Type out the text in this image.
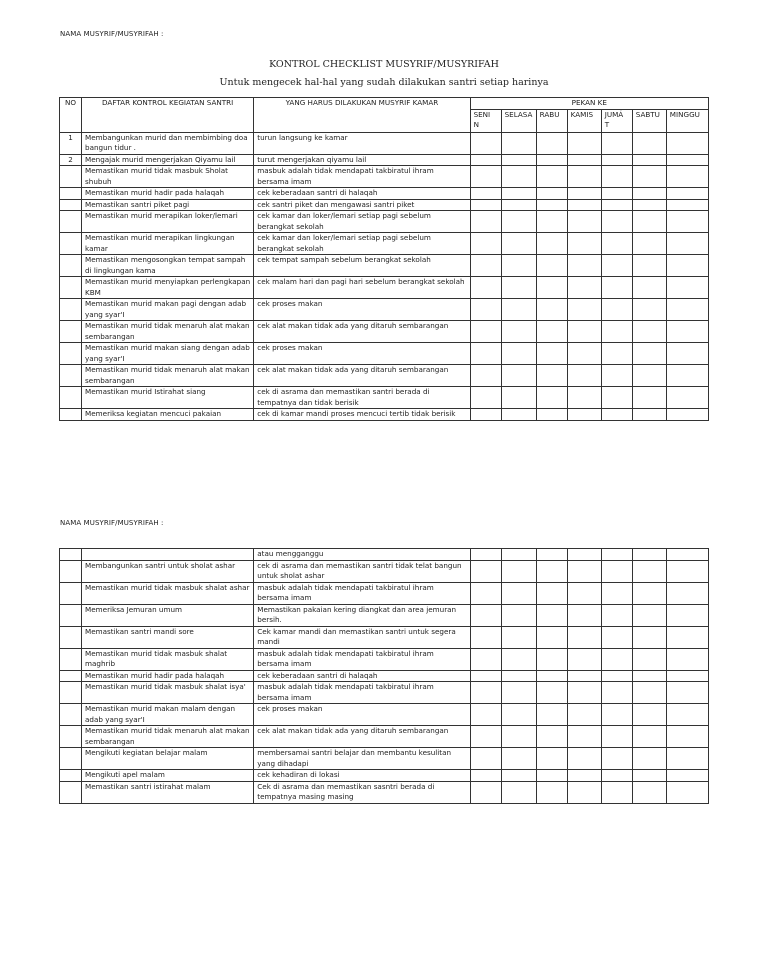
NAMA MUSYRIF/MUSYRIFAH :
KONTROL CHECKLIST MUSYRIF/MUSYRIFAH
Untuk mengecek hal-hal yang sudah dilakukan santri setiap harinya
NO	DAFTAR KONTROL KEGIATAN SANTRI	YANG HARUS DILAKUKAN MUSYRIF KAMAR	PEKAN KE						
			SENI N	SELASA	RABU	KAMIS	JUMÁ T	SABTU	MINGGU
1	Membangunkan murid dan membimbing doa bangun tidur .	turun langsung ke kamar							
2	Mengajak murid mengerjakan Qiyamu lail	turut mengerjakan qiyamu lail							
	Memastikan murid tidak masbuk Sholat shubuh	masbuk adalah tidak mendapati takbiratul ihram bersama imam							
	Memastikan murid hadir pada halaqah	cek keberadaan santri di halaqah							
	Memastikan santri piket pagi	cek santri piket dan mengawasi santri piket							
	Memastikan murid merapikan loker/lemari	cek kamar dan loker/lemari setiap pagi sebelum berangkat sekolah							
	Memastikan murid merapikan lingkungan kamar	cek kamar dan loker/lemari setiap pagi sebelum berangkat sekolah							
	Memastikan mengosongkan tempat sampah di lingkungan kama	cek tempat sampah sebelum berangkat sekolah							
	Memastikan murid menyiapkan perlengkapan KBM	cek malam hari dan pagi hari sebelum berangkat sekolah							
	Memastikan murid makan pagi dengan adab yang syar'I	cek proses makan							
	Memastikan murid tidak menaruh alat makan sembarangan	cek alat makan tidak ada yang ditaruh sembarangan							
	Memastikan murid makan siang dengan adab yang syar'I	cek proses makan							
	Memastikan murid tidak menaruh alat makan sembarangan	cek alat makan tidak ada yang ditaruh sembarangan							
	Memastikan murid Istirahat siang	cek di asrama dan memastikan santri berada di tempatnya dan tidak berisik							
	Memeriksa kegiatan mencuci pakaian	cek di kamar mandi proses mencuci tertib tidak berisik							
NAMA MUSYRIF/MUSYRIFAH :
		atau mengganggu							
	Membangunkan santri untuk sholat ashar	cek di asrama dan memastikan santri tidak telat bangun untuk sholat ashar							
	Memastikan murid tidak masbuk shalat ashar	masbuk adalah tidak mendapati takbiratul ihram bersama imam							
	Memeriksa Jemuran umum	Memastikan pakaian kering diangkat dan area jemuran bersih.							
	Memastikan santri mandi sore	Cek kamar mandi dan memastikan santri untuk segera mandi							
	Memastikan murid tidak masbuk shalat maghrib	masbuk adalah tidak mendapati takbiratul ihram bersama imam							
	Memastikan murid hadir pada halaqah	cek keberadaan santri di halaqah							
	Memastikan murid tidak masbuk shalat isya'	masbuk adalah tidak mendapati takbiratul ihram bersama imam							
	Memastikan murid makan malam dengan adab yang syar'I	cek proses makan							
	Memastikan murid tidak menaruh alat makan sembarangan	cek alat makan tidak ada yang ditaruh sembarangan							
	Mengikuti kegiatan belajar malam	membersamai santri belajar dan membantu kesulitan yang dihadapi							
	Mengikuti apel malam	cek kehadiran di lokasi							
	Memastikan santri istirahat malam	Cek di asrama dan memastikan sasntri berada di tempatnya masing masing							
